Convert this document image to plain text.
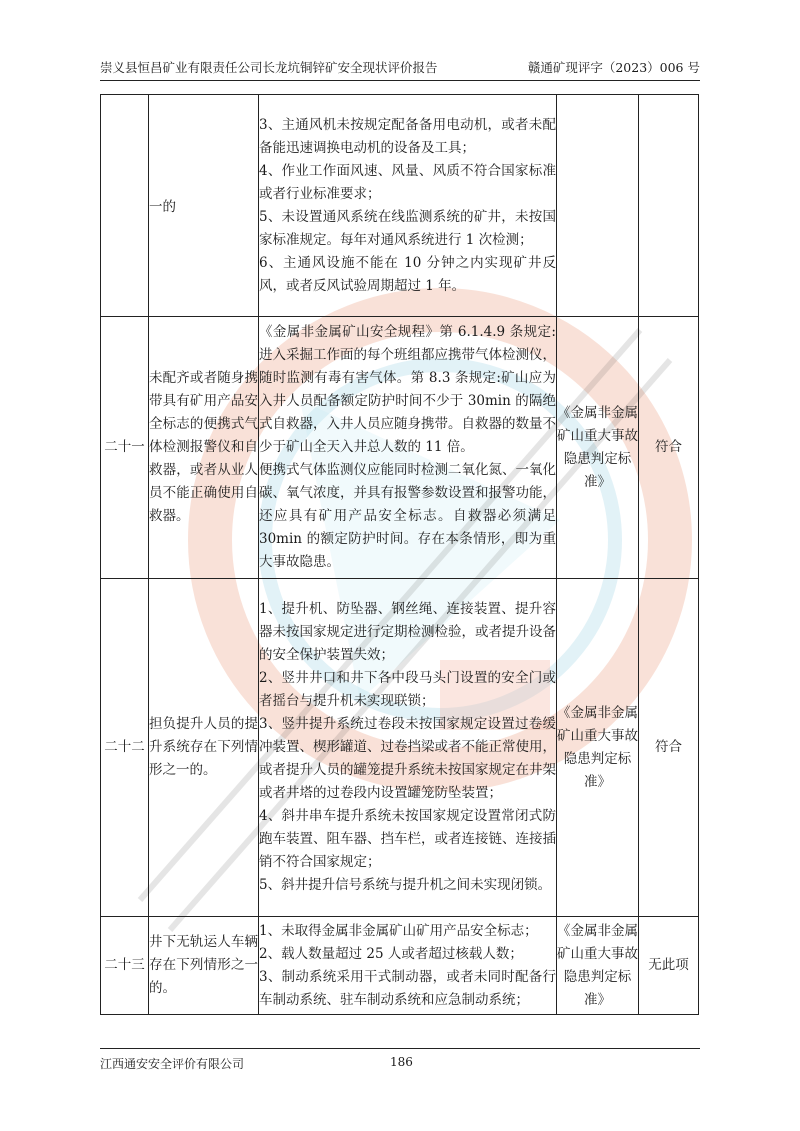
崇义县恒昌矿业有限责任公司长龙坑铜锌矿安全现状评价报告	赣通矿现评字（2023）006 号
	一的	3、主通风机未按规定配备备用电动机，或者未配备能迅速调换电动机的设备及工具；
4、作业工作面风速、风量、风质不符合国家标准或者行业标准要求；
5、未设置通风系统在线监测系统的矿井，未按国家标准规定。每年对通风系统进行 1 次检测；
6、主通风设施不能在 10 分钟之内实现矿井反风，或者反风试验周期超过 1 年。		

二十一	未配齐或者随身携带具有矿用产品安全标志的便携式气体检测报警仪和自救器，或者从业人员不能正确使用自救器。	《金属非金属矿山安全规程》第 6.1.4.9 条规定:进入采掘工作面的每个班组都应携带气体检测仪，随时监测有毒有害气体。第 8.3 条规定:矿山应为入井人员配备额定防护时间不少于 30min 的隔绝式自救器，入井人员应随身携带。自救器的数量不少于矿山全天入井总人数的 11 倍。
便携式气体监测仪应能同时检测二氧化氮、一氧化碳、氧气浓度，并具有报警参数设置和报警功能，还应具有矿用产品安全标志。自救器必须满足 30min 的额定防护时间。存在本条情形，即为重大事故隐患。	《金属非金属矿山重大事故隐患判定标准》	符合
二十二	担负提升人员的提升系统存在下列情形之一的。	1、提升机、防坠器、钢丝绳、连接装置、提升容器未按国家规定进行定期检测检验，或者提升设备的安全保护装置失效；
2、竖井井口和井下各中段马头门设置的安全门或者摇台与提升机未实现联锁；
3、竖井提升系统过卷段未按国家规定设置过卷缓冲装置、楔形罐道、过卷挡梁或者不能正常使用，或者提升人员的罐笼提升系统未按国家规定在井架或者井塔的过卷段内设置罐笼防坠装置；
4、斜井串车提升系统未按国家规定设置常闭式防跑车装置、阻车器、挡车栏，或者连接链、连接插销不符合国家规定；
5、斜井提升信号系统与提升机之间未实现闭锁。	《金属非金属矿山重大事故隐患判定标准》	符合
二十三	井下无轨运人车辆存在下列情形之一的。	1、未取得金属非金属矿山矿用产品安全标志；
2、载人数量超过 25 人或者超过核载人数；
3、制动系统采用干式制动器，或者未同时配备行车制动系统、驻车制动系统和应急制动系统；	《金属非金属矿山重大事故隐患判定标准》	无此项
江西通安安全评价有限公司	186
